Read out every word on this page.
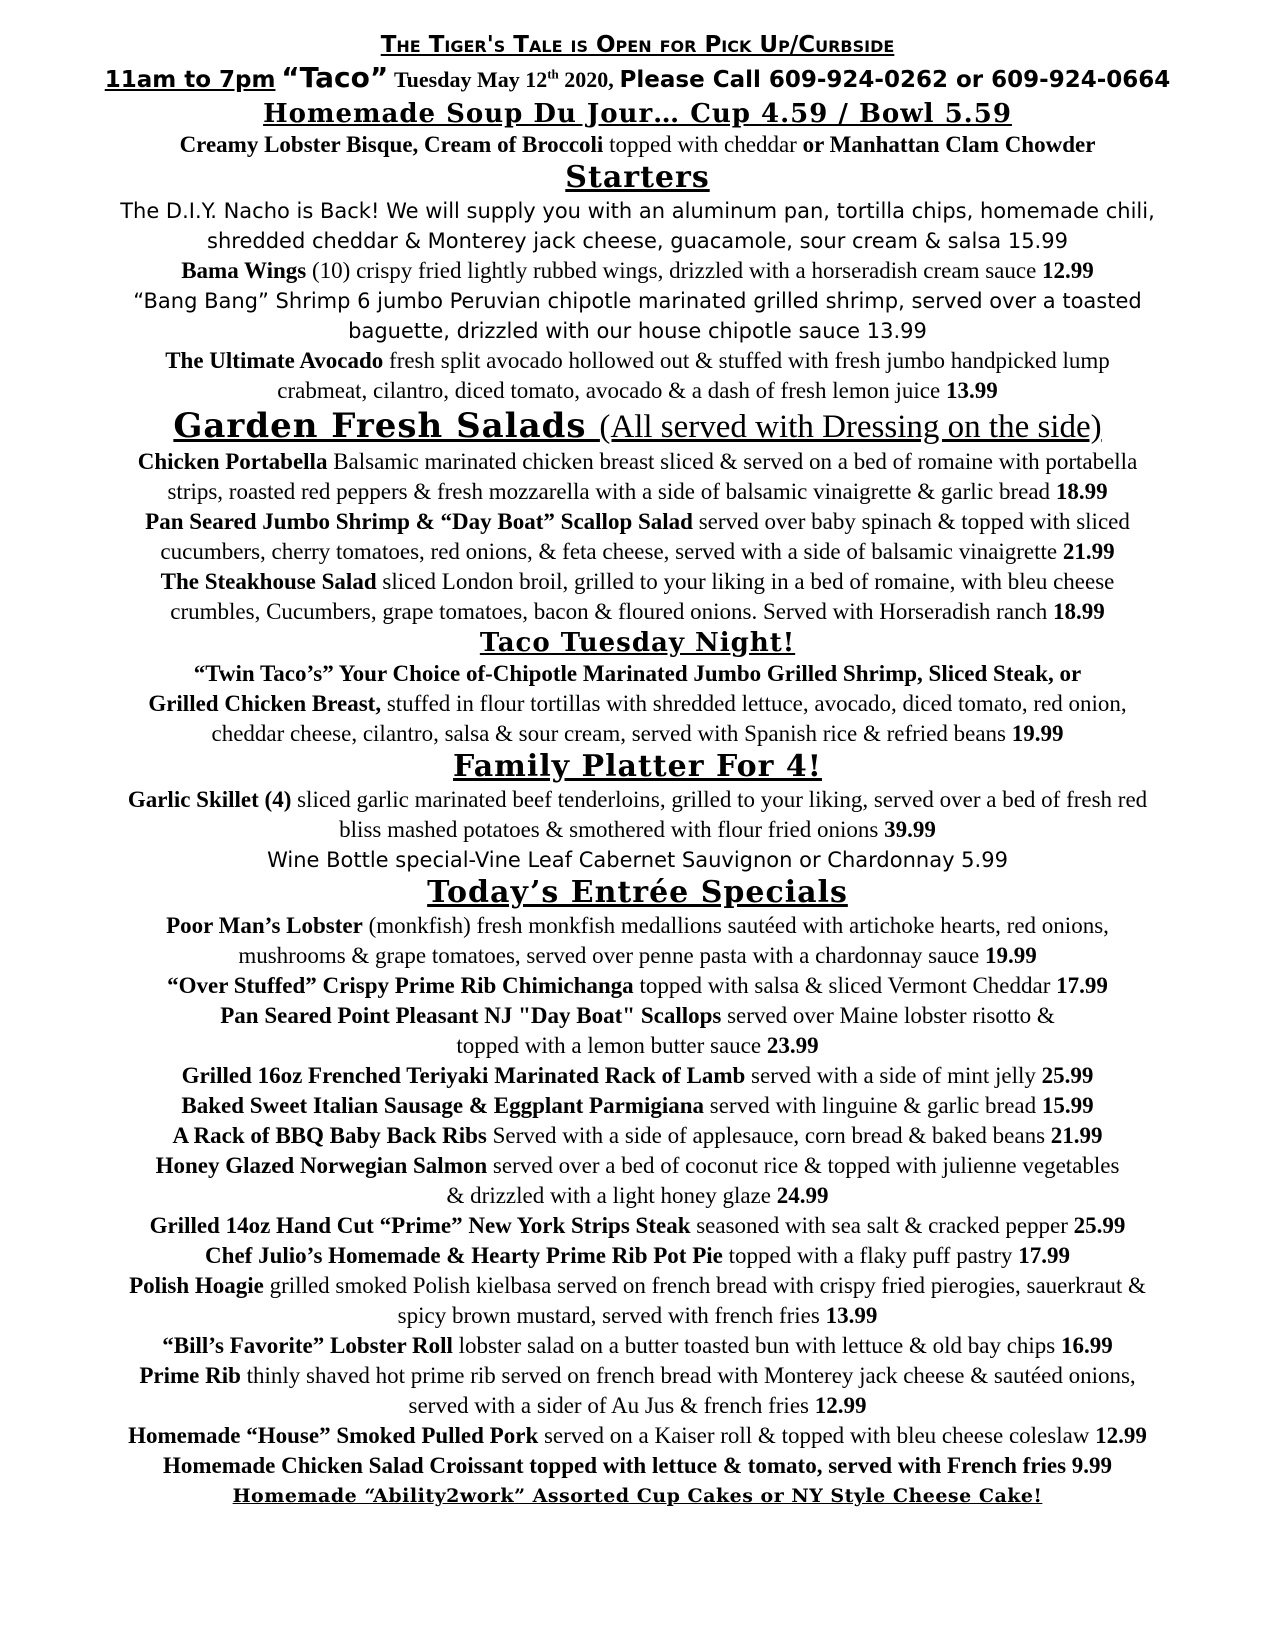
The Tiger's Tale is Open for Pick Up/Curbside
11am to 7pm “Taco” Tuesday May 12th 2020, Please Call 609-924-0262 or 609-924-0664
Homemade Soup Du Jour… Cup 4.59 / Bowl 5.59
Creamy Lobster Bisque, Cream of Broccoli topped with cheddar or Manhattan Clam Chowder
Starters
The D.I.Y. Nacho is Back! We will supply you with an aluminum pan, tortilla chips, homemade chili,
shredded cheddar & Monterey jack cheese, guacamole, sour cream & salsa 15.99
Bama Wings (10) crispy fried lightly rubbed wings, drizzled with a horseradish cream sauce 12.99
“Bang Bang” Shrimp 6 jumbo Peruvian chipotle marinated grilled shrimp, served over a toasted
baguette, drizzled with our house chipotle sauce 13.99
The Ultimate Avocado fresh split avocado hollowed out & stuffed with fresh jumbo handpicked lump
crabmeat, cilantro, diced tomato, avocado & a dash of fresh lemon juice 13.99
Garden Fresh Salads (All served with Dressing on the side)
Chicken Portabella Balsamic marinated chicken breast sliced & served on a bed of romaine with portabella
strips, roasted red peppers & fresh mozzarella with a side of balsamic vinaigrette & garlic bread 18.99
Pan Seared Jumbo Shrimp & “Day Boat” Scallop Salad served over baby spinach & topped with sliced
cucumbers, cherry tomatoes, red onions, & feta cheese, served with a side of balsamic vinaigrette 21.99
The Steakhouse Salad sliced London broil, grilled to your liking in a bed of romaine, with bleu cheese
crumbles, Cucumbers, grape tomatoes, bacon & floured onions. Served with Horseradish ranch 18.99
Taco Tuesday Night!
“Twin Taco’s” Your Choice of-Chipotle Marinated Jumbo Grilled Shrimp, Sliced Steak, or
Grilled Chicken Breast, stuffed in flour tortillas with shredded lettuce, avocado, diced tomato, red onion,
cheddar cheese, cilantro, salsa & sour cream, served with Spanish rice & refried beans 19.99
Family Platter For 4!
Garlic Skillet (4) sliced garlic marinated beef tenderloins, grilled to your liking, served over a bed of fresh red
bliss mashed potatoes & smothered with flour fried onions 39.99
Wine Bottle special-Vine Leaf Cabernet Sauvignon or Chardonnay 5.99
Today’s Entrée Specials
Poor Man’s Lobster (monkfish) fresh monkfish medallions sautéed with artichoke hearts, red onions,
mushrooms & grape tomatoes, served over penne pasta with a chardonnay sauce 19.99
“Over Stuffed” Crispy Prime Rib Chimichanga topped with salsa & sliced Vermont Cheddar 17.99
Pan Seared Point Pleasant NJ "Day Boat" Scallops served over Maine lobster risotto &
topped with a lemon butter sauce 23.99
Grilled 16oz Frenched Teriyaki Marinated Rack of Lamb served with a side of mint jelly 25.99
Baked Sweet Italian Sausage & Eggplant Parmigiana served with linguine & garlic bread 15.99
A Rack of BBQ Baby Back Ribs Served with a side of applesauce, corn bread & baked beans 21.99
Honey Glazed Norwegian Salmon served over a bed of coconut rice & topped with julienne vegetables
& drizzled with a light honey glaze 24.99
Grilled 14oz Hand Cut “Prime” New York Strips Steak seasoned with sea salt & cracked pepper 25.99
Chef Julio’s Homemade & Hearty Prime Rib Pot Pie topped with a flaky puff pastry 17.99
Polish Hoagie grilled smoked Polish kielbasa served on french bread with crispy fried pierogies, sauerkraut &
spicy brown mustard, served with french fries 13.99
“Bill’s Favorite” Lobster Roll lobster salad on a butter toasted bun with lettuce & old bay chips 16.99
Prime Rib thinly shaved hot prime rib served on french bread with Monterey jack cheese & sautéed onions,
served with a sider of Au Jus & french fries 12.99
Homemade “House” Smoked Pulled Pork served on a Kaiser roll & topped with bleu cheese coleslaw 12.99
Homemade Chicken Salad Croissant topped with lettuce & tomato, served with French fries 9.99
Homemade “Ability2work” Assorted Cup Cakes or NY Style Cheese Cake!
